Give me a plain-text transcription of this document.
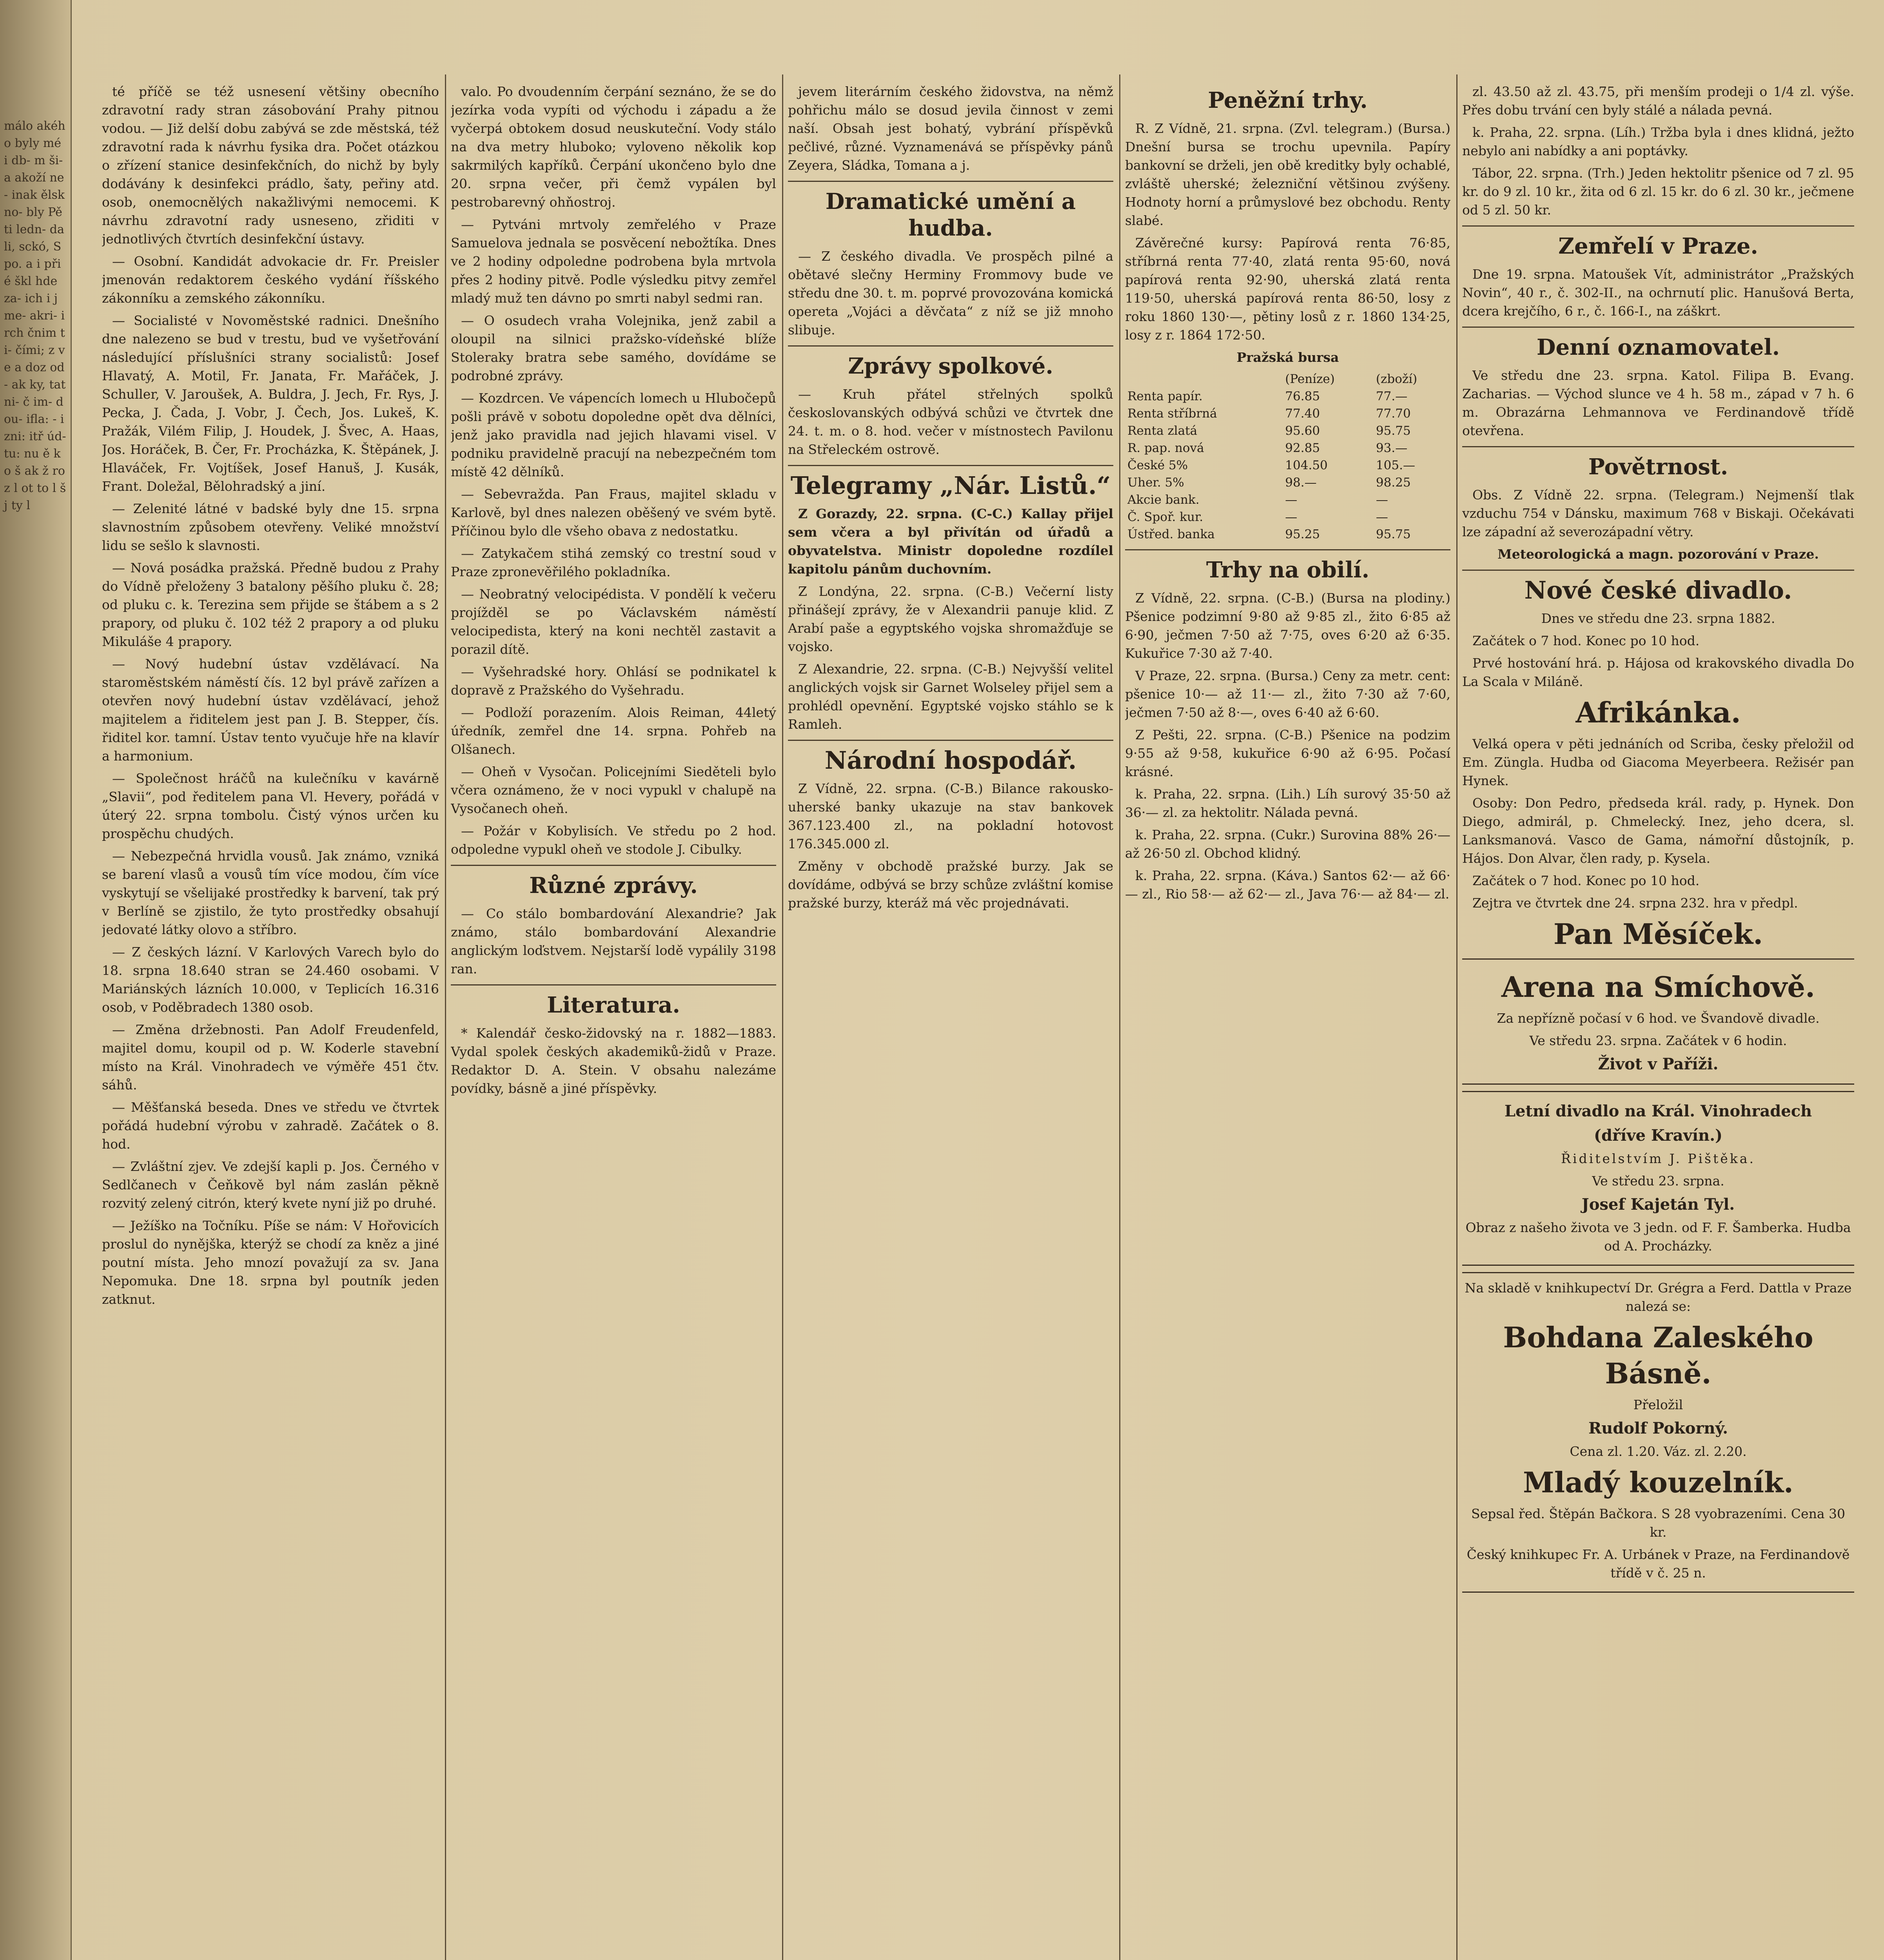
málo akého byly mé i db- m ši- a akoží ne- inak ělsk no- bly Pěti ledn- dali, sckó, Spo. a i při é škl hde za- ich i jme- akri- irch čnim ti- čími; z ve a doz od- ak ky, tat ni- č im- dou- ifla: - izni: itř úd- tu: nu ě ko š ak ž ro z l ot to l š j ty l

té příčě se též usnesení většiny obecního zdravotní rady stran zásobování Prahy pitnou vodou. — Již delší dobu zabývá se zde městská, též zdravotní rada k návrhu fysika dra. Počet otázkou o zřízení stanice desinfekčních, do nichž by byly dodávány k desinfekci prádlo, šaty, peřiny atd. osob, onemocnělých nakažlivými nemocemi. K návrhu zdravotní rady usneseno, zřiditi v jednotlivých čtvrtích desinfekční ústavy.

— Osobní. Kandidát advokacie dr. Fr. Preisler jmenován redaktorem českého vydání říšského zákonníku a zemského zákonníku.

— Socialisté v Novoměstské radnici. Dnešního dne nalezeno se bud v trestu, bud ve vyšetřování následující příslušníci strany socialistů: Josef Hlavatý, A. Motil, Fr. Janata, Fr. Mařáček, J. Schuller, V. Jaroušek, A. Buldra, J. Jech, Fr. Rys, J. Pecka, J. Čada, J. Vobr, J. Čech, Jos. Lukeš, K. Pražák, Vilém Filip, J. Houdek, J. Švec, A. Haas, Jos. Horáček, B. Čer, Fr. Procházka, K. Štěpánek, J. Hlaváček, Fr. Vojtíšek, Josef Hanuš, J. Kusák, Frant. Doležal, Bělohradský a jiní.

— Zelenité látné v badské byly dne 15. srpna slavnostním způsobem otevřeny. Veliké množství lidu se sešlo k slavnosti.

— Nová posádka pražská. Předně budou z Prahy do Vídně přeloženy 3 batalony pěšího pluku č. 28; od pluku c. k. Terezina sem přijde se štábem a s 2 prapory, od pluku č. 102 též 2 prapory a od pluku Mikuláše 4 prapory.

— Nový hudební ústav vzdělávací. Na staroměstském náměstí čís. 12 byl právě zařízen a otevřen nový hudební ústav vzdělávací, jehož majitelem a řiditelem jest pan J. B. Stepper, čís. řiditel kor. tamní. Ústav tento vyučuje hře na klavír a harmonium.

— Společnost hráčů na kulečníku v kavárně „Slavii“, pod ředitelem pana Vl. Hevery, pořádá v úterý 22. srpna tombolu. Čistý výnos určen ku prospěchu chudých.

— Nebezpečná hrvidla vousů. Jak známo, vzniká se barení vlasů a vousů tím více modou, čím více vyskytují se všelijaké prostředky k barvení, tak prý v Berlíně se zjistilo, že tyto prostředky obsahují jedovaté látky olovo a stříbro.

— Z českých lázní. V Karlových Varech bylo do 18. srpna 18.640 stran se 24.460 osobami. V Mariánských lázních 10.000, v Teplicích 16.316 osob, v Poděbradech 1380 osob.

— Změna držebnosti. Pan Adolf Freudenfeld, majitel domu, koupil od p. W. Koderle stavební místo na Král. Vinohradech ve výměře 451 čtv. sáhů.

— Měšťanská beseda. Dnes ve středu ve čtvrtek pořádá hudební výrobu v zahradě. Začátek o 8. hod.

— Zvláštní zjev. Ve zdejší kapli p. Jos. Černého v Sedlčanech v Čeňkově byl nám zaslán pěkně rozvitý zelený citrón, který kvete nyní již po druhé.

— Ježíško na Točníku. Píše se nám: V Hořovicích proslul do nynějška, kterýž se chodí za kněz a jiné poutní místa. Jeho mnozí považují za sv. Jana Nepomuka. Dne 18. srpna byl poutník jeden zatknut.

valo. Po dvoudenním čerpání seznáno, že se do jezírka voda vypíti od východu i západu a že vyčerpá obtokem dosud neuskuteční. Vody stálo na dva metry hluboko; vyloveno několik kop sakrmilých kapříků. Čerpání ukončeno bylo dne 20. srpna večer, při čemž vypálen byl pestrobarevný ohňostroj.

— Pytváni mrtvoly zemřelého v Praze Samuelova jednala se posvěcení nebožtíka. Dnes ve 2 hodiny odpoledne podrobena byla mrtvola přes 2 hodiny pitvě. Podle výsledku pitvy zemřel mladý muž ten dávno po smrti nabyl sedmi ran.

— O osudech vraha Volejnika, jenž zabil a oloupil na silnici pražsko-vídeňské blíže Stoleraky bratra sebe samého, dovídáme se podrobné zprávy.

— Kozdrcen. Ve vápencích lomech u Hlubočepů pošli právě v sobotu dopoledne opět dva dělníci, jenž jako pravidla nad jejich hlavami visel. V podniku pravidelně pracují na nebezpečném tom místě 42 dělníků.

— Sebevražda. Pan Fraus, majitel skladu v Karlově, byl dnes nalezen oběšený ve svém bytě. Příčinou bylo dle všeho obava z nedostatku.

— Zatykačem stihá zemský co trestní soud v Praze zpronevěřilého pokladníka.

— Neobratný velocipédista. V pondělí k večeru projížděl se po Václavském náměstí velocipedista, který na koni nechtěl zastavit a porazil dítě.

— Vyšehradské hory. Ohlásí se podnikatel k dopravě z Pražského do Vyšehradu.

— Podloží porazením. Alois Reiman, 44letý úředník, zemřel dne 14. srpna. Pohřeb na Olšanech.

— Oheň v Vysočan. Policejními Sieděteli bylo včera oznámeno, že v noci vypukl v chalupě na Vysočanech oheň.

— Požár v Kobylisích. Ve středu po 2 hod. odpoledne vypukl oheň ve stodole J. Cibulky.

Různé zprávy.

— Co stálo bombardování Alexandrie? Jak známo, stálo bombardování Alexandrie anglickým loďstvem. Nejstarší lodě vypálily 3198 ran.

Literatura.

* Kalendář česko-židovský na r. 1882—1883. Vydal spolek českých akademiků-židů v Praze. Redaktor D. A. Stein. V obsahu nalezáme povídky, básně a jiné příspěvky.

jevem literárním českého židovstva, na němž pohřichu málo se dosud jevila činnost v zemi naší. Obsah jest bohatý, vybrání příspěvků pečlivé, různé. Vyznamenává se příspěvky pánů Zeyera, Sládka, Tomana a j.

Dramatické umění a hudba.

— Z českého divadla. Ve prospěch pilné a obětavé slečny Herminy Frommovy bude ve středu dne 30. t. m. poprvé provozována komická opereta „Vojáci a děvčata“ z níž se již mnoho slibuje.

Zprávy spolkové.

— Kruh přátel střelných spolků českoslovanských odbývá schůzi ve čtvrtek dne 24. t. m. o 8. hod. večer v místnostech Pavilonu na Střeleckém ostrově.

Telegramy „Nár. Listů.“

Z Gorazdy, 22. srpna. (C-C.) Kallay přijel sem včera a byl přivítán od úřadů a obyvatelstva. Ministr dopoledne rozdílel kapitolu pánům duchovním.

Z Londýna, 22. srpna. (C-B.) Večerní listy přinášejí zprávy, že v Alexandrii panuje klid. Z Arabí paše a egyptského vojska shromažďuje se vojsko.

Z Alexandrie, 22. srpna. (C-B.) Nejvyšší velitel anglických vojsk sir Garnet Wolseley přijel sem a prohlédl opevnění. Egyptské vojsko stáhlo se k Ramleh.

Národní hospodář.

Z Vídně, 22. srpna. (C-B.) Bilance rakousko-uherské banky ukazuje na stav bankovek 367.123.400 zl., na pokladní hotovost 176.345.000 zl.

Změny v obchodě pražské burzy. Jak se dovídáme, odbývá se brzy schůze zvláštní komise pražské burzy, kteráž má věc projednávati.

Peněžní trhy.

R. Z Vídně, 21. srpna. (Zvl. telegram.) (Bursa.) Dnešní bursa se trochu upevnila. Papíry bankovní se drželi, jen obě kreditky byly ochablé, zvláště uherské; železniční většinou zvýšeny. Hodnoty horní a průmyslové bez obchodu. Renty slabé.

Závěrečné kursy: Papírová renta 76·85, stříbrná renta 77·40, zlatá renta 95·60, nová papírová renta 92·90, uherská zlatá renta 119·50, uherská papírová renta 86·50, losy z roku 1860 130·—, pětiny losů z r. 1860 134·25, losy z r. 1864 172·50.

Pražská bursa

	(Peníze)	(zboží)
Renta papír.	76.85	77.—
Renta stříbrná	77.40	77.70
Renta zlatá	95.60	95.75
R. pap. nová	92.85	93.—
České 5%	104.50	105.—
Uher. 5%	98.—	98.25
Akcie bank.	—	—
Č. Spoř. kur.	—	—
Ústřed. banka	95.25	95.75
Trhy na obilí.

Z Vídně, 22. srpna. (C-B.) (Bursa na plodiny.) Pšenice podzimní 9·80 až 9·85 zl., žito 6·85 až 6·90, ječmen 7·50 až 7·75, oves 6·20 až 6·35. Kukuřice 7·30 až 7·40.

V Praze, 22. srpna. (Bursa.) Ceny za metr. cent: pšenice 10·— až 11·— zl., žito 7·30 až 7·60, ječmen 7·50 až 8·—, oves 6·40 až 6·60.

Z Pešti, 22. srpna. (C-B.) Pšenice na podzim 9·55 až 9·58, kukuřice 6·90 až 6·95. Počasí krásné.

k. Praha, 22. srpna. (Lih.) Líh surový 35·50 až 36·— zl. za hektolitr. Nálada pevná.

k. Praha, 22. srpna. (Cukr.) Surovina 88% 26·— až 26·50 zl. Obchod klidný.

k. Praha, 22. srpna. (Káva.) Santos 62·— až 66·— zl., Rio 58·— až 62·— zl., Java 76·— až 84·— zl.

zl. 43.50 až zl. 43.75, při menším prodeji o 1/4 zl. výše. Přes dobu trvání cen byly stálé a nálada pevná.

k. Praha, 22. srpna. (Líh.) Tržba byla i dnes klidná, ježto nebylo ani nabídky a ani poptávky.

Tábor, 22. srpna. (Trh.) Jeden hektolitr pšenice od 7 zl. 95 kr. do 9 zl. 10 kr., žita od 6 zl. 15 kr. do 6 zl. 30 kr., ječmene od 5 zl. 50 kr.

Zemřelí v Praze.

Dne 19. srpna. Matoušek Vít, administrátor „Pražských Novin“, 40 r., č. 302-II., na ochrnutí plic. Hanušová Berta, dcera krejčího, 6 r., č. 166-I., na záškrt.

Denní oznamovatel.

Ve středu dne 23. srpna. Katol. Filipa B. Evang. Zacharias. — Východ slunce ve 4 h. 58 m., západ v 7 h. 6 m. Obrazárna Lehmannova ve Ferdinandově třídě otevřena.

Povětrnost.

Obs. Z Vídně 22. srpna. (Telegram.) Nejmenší tlak vzduchu 754 v Dánsku, maximum 768 v Biskaji. Očekávati lze západní až severozápadní větry.

Meteorologická a magn. pozorování v Praze.

Nové české divadlo.

Dnes ve středu dne 23. srpna 1882.

Začátek o 7 hod. Konec po 10 hod.

Prvé hostování hrá. p. Hájosa od krakovského divadla Do La Scala v Miláně.

Afrikánka.

Velká opera v pěti jednáních od Scriba, česky přeložil od Em. Züngla. Hudba od Giacoma Meyerbeera. Režisér pan Hynek.

Osoby: Don Pedro, předseda král. rady, p. Hynek. Don Diego, admirál, p. Chmelecký. Inez, jeho dcera, sl. Lanksmanová. Vasco de Gama, námořní důstojník, p. Hájos. Don Alvar, člen rady, p. Kysela.

Začátek o 7 hod. Konec po 10 hod.

Zejtra ve čtvrtek dne 24. srpna 232. hra v předpl.

Pan Měsíček.
Arena na Smíchově.

Za nepřízně počasí v 6 hod. ve Švandově divadle.

Ve středu 23. srpna. Začátek v 6 hodin.

Život v Paříži.
Letní divadlo na Král. Vinohradech
(dříve Kravín.)

Řiditelstvím J. Pištěka.

Ve středu 23. srpna.

Josef Kajetán Tyl.

Obraz z našeho života ve 3 jedn. od F. F. Šamberka. Hudba od A. Procházky.

Na skladě v knihkupectví Dr. Grégra a Ferd. Dattla v Praze nalezá se:

Bohdana Zaleského Básně.

Přeložil

Rudolf Pokorný.

Cena zl. 1.20. Váz. zl. 2.20.

Mladý kouzelník.

Sepsal řed. Štěpán Bačkora. S 28 vyobrazeními. Cena 30 kr.

Český knihkupec Fr. A. Urbánek v Praze, na Ferdinandově třídě v č. 25 n.
